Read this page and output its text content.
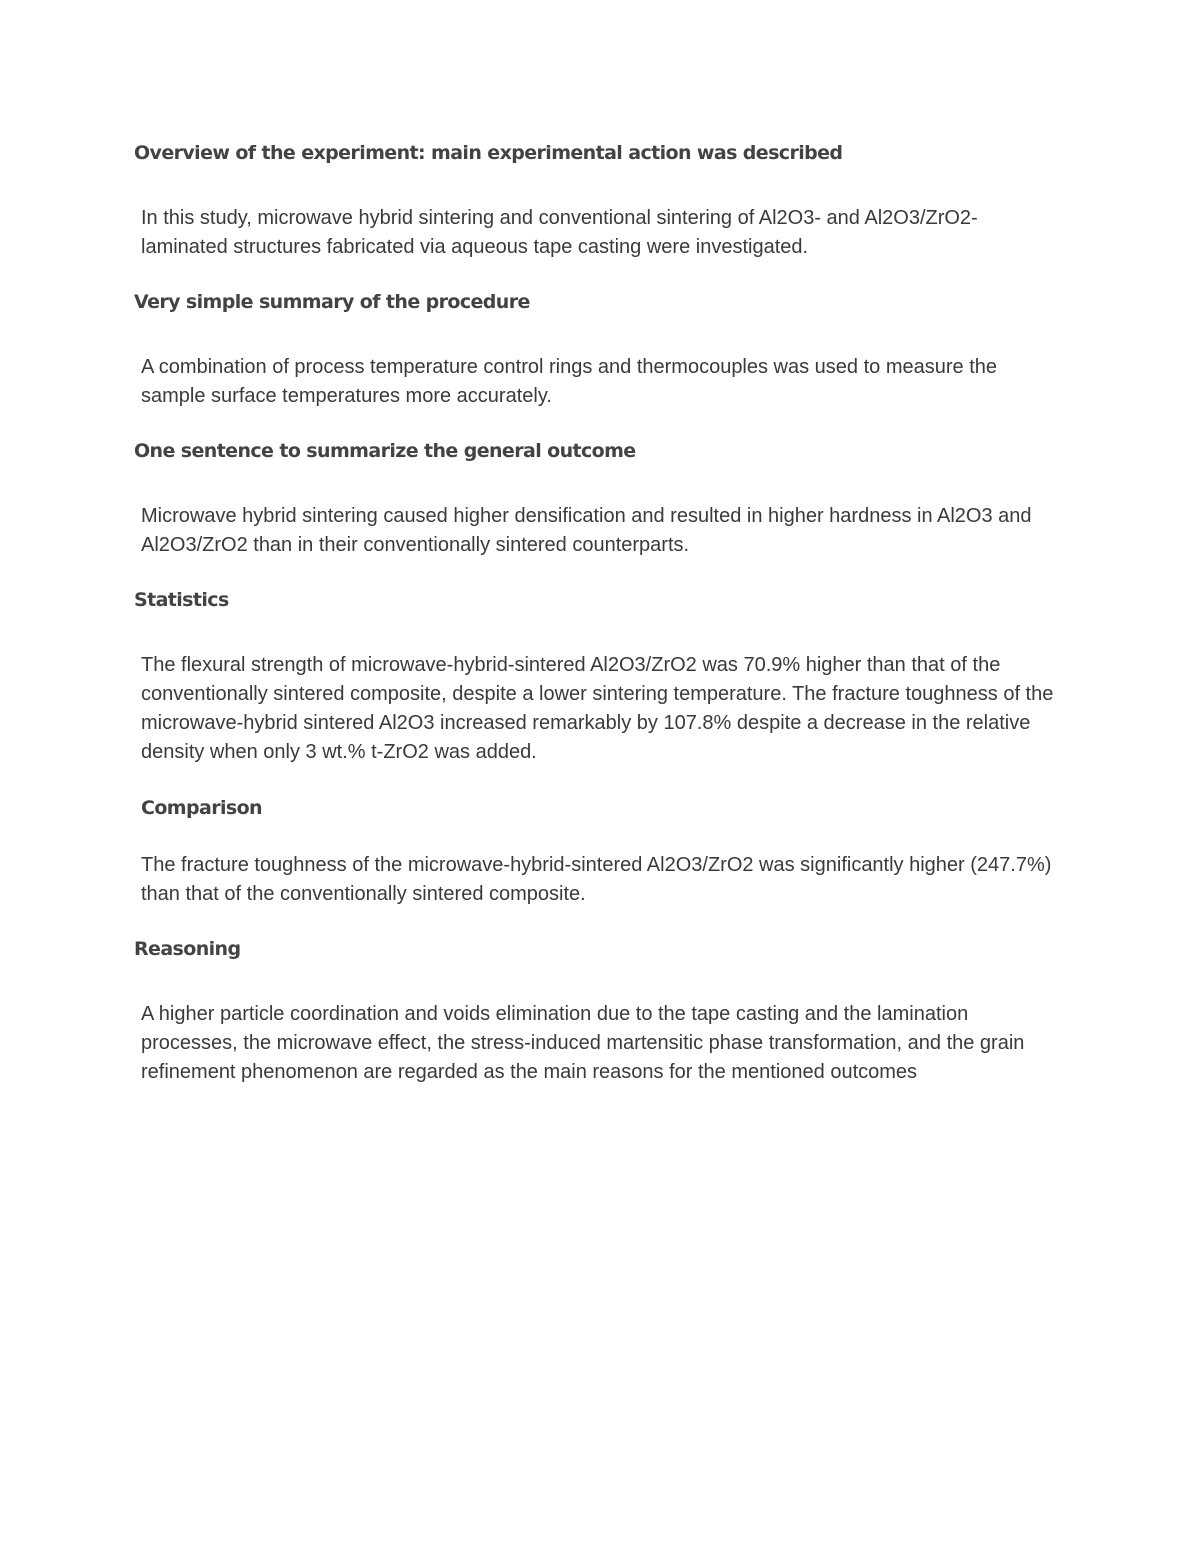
Overview of the experiment: main experimental action was described

In this study, microwave hybrid sintering and conventional sintering of Al2O3- and Al2O3/ZrO2-laminated structures fabricated via aqueous tape casting were investigated.

Very simple summary of the procedure

A combination of process temperature control rings and thermocouples was used to measure the sample surface temperatures more accurately.

One sentence to summarize the general outcome

Microwave hybrid sintering caused higher densification and resulted in higher hardness in Al2O3 and Al2O3/ZrO2 than in their conventionally sintered counterparts.

Statistics

The flexural strength of microwave-hybrid-sintered Al2O3/ZrO2 was 70.9% higher than that of the conventionally sintered composite, despite a lower sintering temperature. The fracture toughness of the microwave-hybrid sintered Al2O3 increased remarkably by 107.8% despite a decrease in the relative density when only 3 wt.% t-ZrO2 was added.

Comparison

The fracture toughness of the microwave-hybrid-sintered Al2O3/ZrO2 was significantly higher (247.7%) than that of the conventionally sintered composite.

Reasoning

A higher particle coordination and voids elimination due to the tape casting and the lamination processes, the microwave effect, the stress-induced martensitic phase transformation, and the grain refinement phenomenon are regarded as the main reasons for the mentioned outcomes
